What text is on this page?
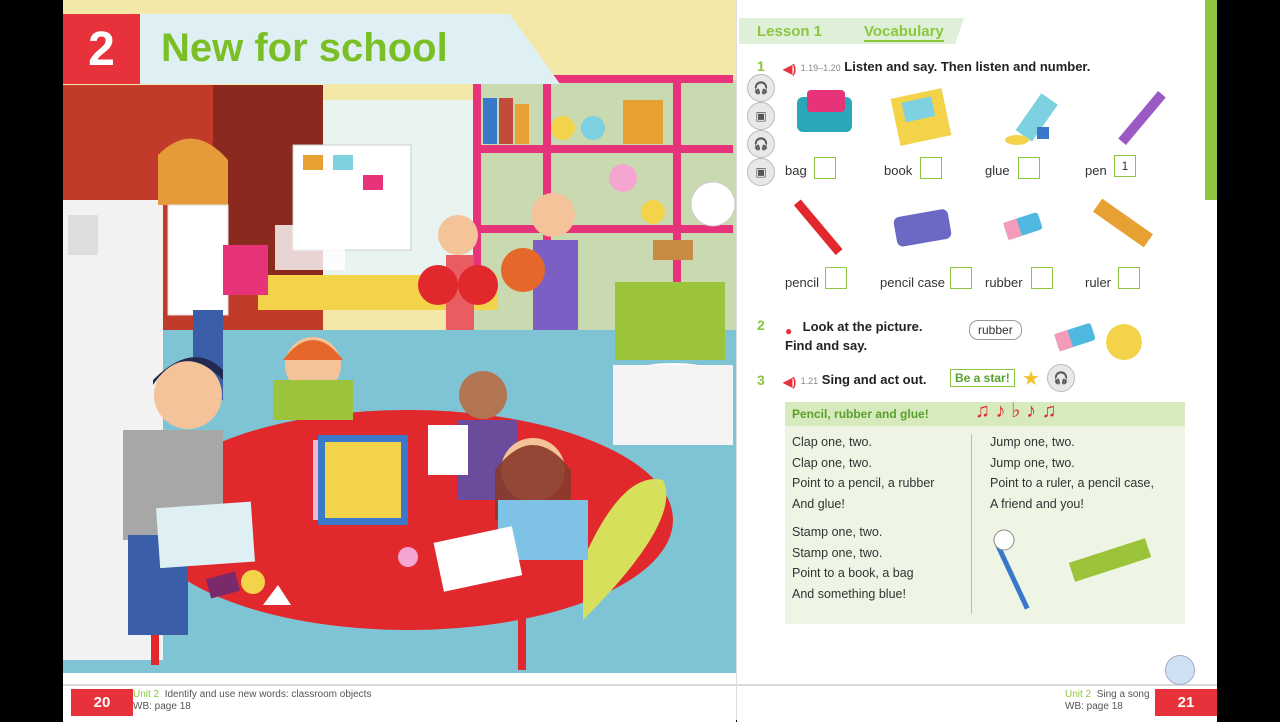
2	New for school
20	Unit 2 Identify and use new words: classroom objects
WB: page 18
Lesson 1	Vocabulary
🎧
▣
🎧
▣
1 ◀) 1.19–1.20 Listen and say. Then listen and number.
bag	book	glue	pen	1
pencil	pencil case	rubber	ruler
2 ● Look at the picture.
Find and say.
rubber
3 ◀) 1.21 Sing and act out.	Be a star! ★	🎧
Pencil, rubber and glue! ♫ ♪ ♭ ♪ ♫
Clap one, two.
Clap one, two.
Point to a pencil, a rubber
And glue!
Stamp one, two.
Stamp one, two.
Point to a book, a bag
And something blue!
Jump one, two.
Jump one, two.
Point to a ruler, a pencil case,
A friend and you!
Unit 2 Sing a song
WB: page 18	21
